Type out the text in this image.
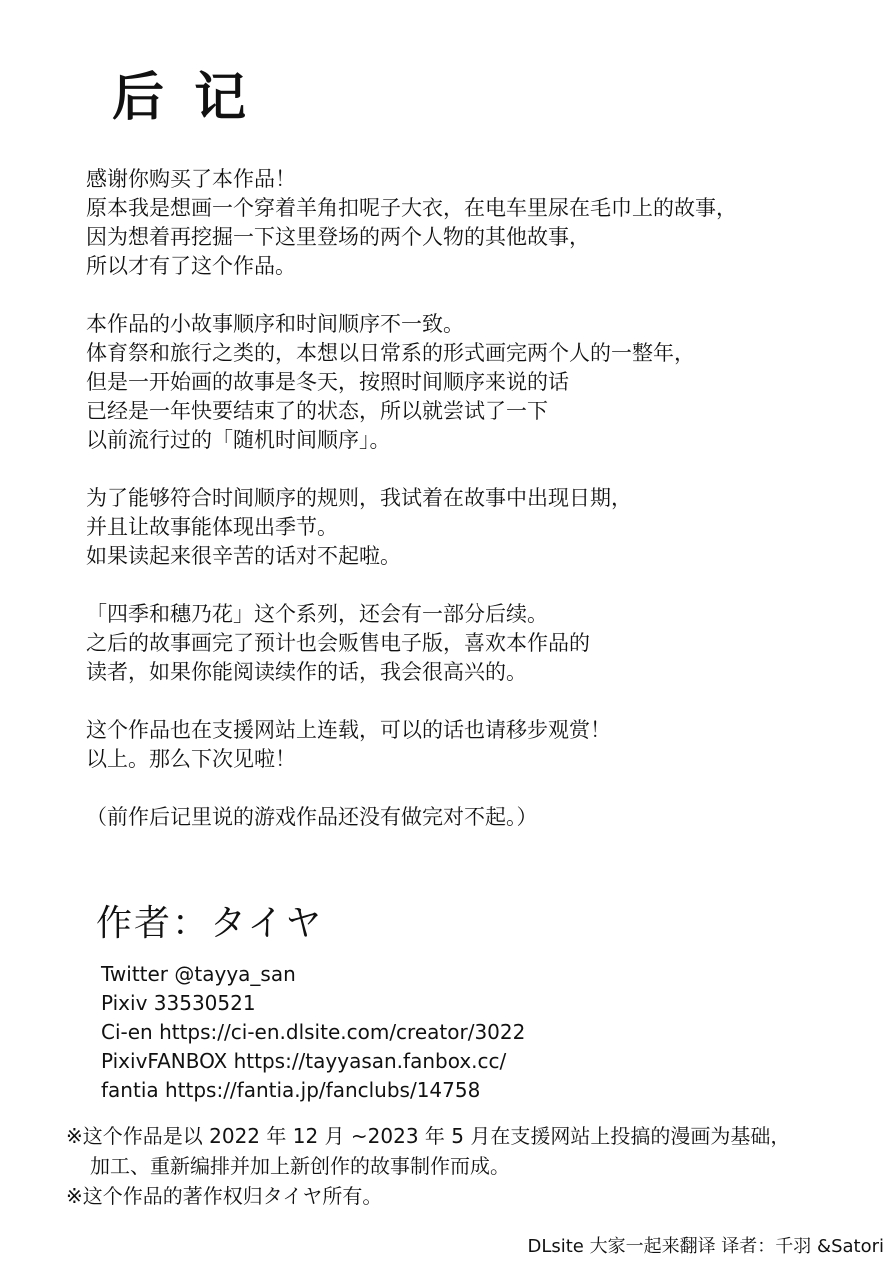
后 记
感谢你购买了本作品！
原本我是想画一个穿着羊角扣呢子大衣，在电车里尿在毛巾上的故事，
因为想着再挖掘一下这里登场的两个人物的其他故事，
所以才有了这个作品。
本作品的小故事顺序和时间顺序不一致。
体育祭和旅行之类的，本想以日常系的形式画完两个人的一整年，
但是一开始画的故事是冬天，按照时间顺序来说的话
已经是一年快要结束了的状态，所以就尝试了一下
以前流行过的「随机时间顺序」。
为了能够符合时间顺序的规则，我试着在故事中出现日期，
并且让故事能体现出季节。
如果读起来很辛苦的话对不起啦。
「四季和穗乃花」这个系列，还会有一部分后续。
之后的故事画完了预计也会贩售电子版，喜欢本作品的
读者，如果你能阅读续作的话，我会很高兴的。
这个作品也在支援网站上连载，可以的话也请移步观赏！
以上。那么下次见啦！
（前作后记里说的游戏作品还没有做完对不起。）
作者：タイヤ
Twitter @tayya_san
Pixiv 33530521
Ci-en https://ci-en.dlsite.com/creator/3022
PixivFANBOX https://tayyasan.fanbox.cc/
fantia https://fantia.jp/fanclubs/14758
※这个作品是以 2022 年 12 月 ~2023 年 5 月在支援网站上投搞的漫画为基础，
加工、重新编排并加上新创作的故事制作而成。
※这个作品的著作权归タイヤ所有。
DLsite 大家一起来翻译 译者：千羽 &Satori
